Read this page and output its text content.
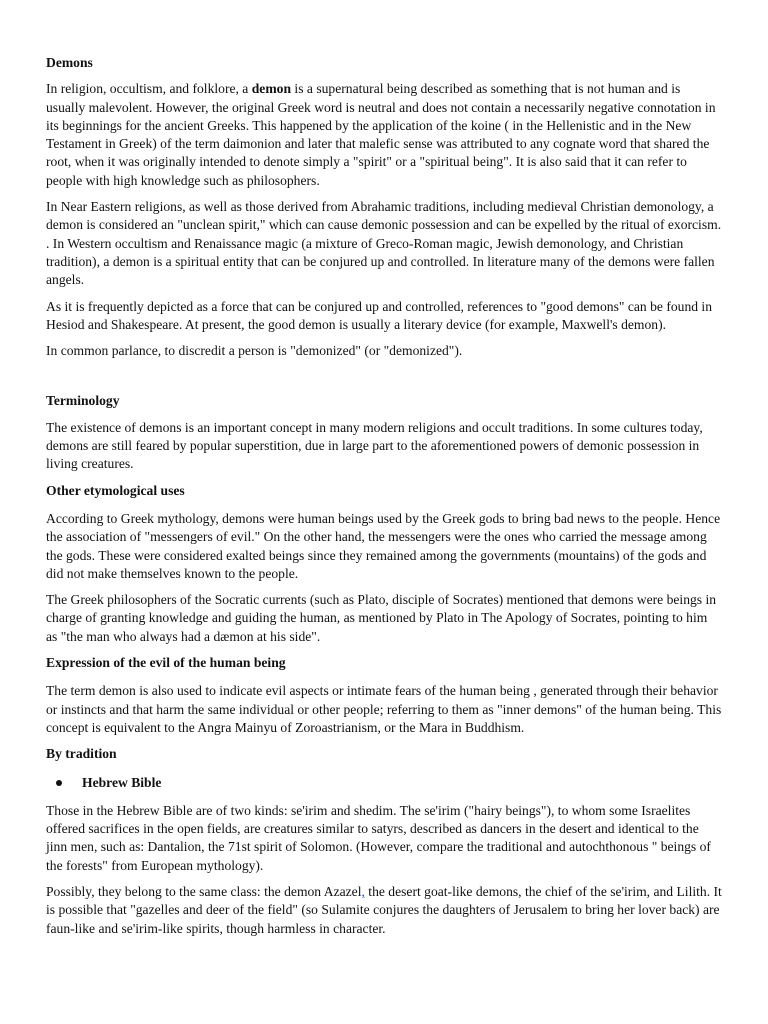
Demons

In religion, occultism, and folklore, a demon is a supernatural being described as something that is not human and is usually malevolent. However, the original Greek word is neutral and does not contain a necessarily negative connotation in its beginnings for the ancient Greeks. This happened by the application of the koine ( in the Hellenistic and in the New Testament in Greek) of the term daimonion and later that malefic sense was attributed to any cognate word that shared the root, when it was originally intended to denote simply a "spirit" or a "spiritual being". It is also said that it can refer to people with high knowledge such as philosophers.

In Near Eastern religions, as well as those derived from Abrahamic traditions, including medieval Christian demonology, a demon is considered an "unclean spirit," which can cause demonic possession and can be expelled by the ritual of exorcism. . In Western occultism and Renaissance magic (a mixture of Greco-Roman magic, Jewish demonology, and Christian tradition), a demon is a spiritual entity that can be conjured up and controlled. In literature many of the demons were fallen angels.

As it is frequently depicted as a force that can be conjured up and controlled, references to "good demons" can be found in Hesiod and Shakespeare. At present, the good demon is usually a literary device (for example, Maxwell's demon).

In common parlance, to discredit a person is "demonized" (or "demonized").

Terminology

The existence of demons is an important concept in many modern religions and occult traditions. In some cultures today, demons are still feared by popular superstition, due in large part to the aforementioned powers of demonic possession in living creatures.

Other etymological uses

According to Greek mythology, demons were human beings used by the Greek gods to bring bad news to the people. Hence the association of "messengers of evil." On the other hand, the messengers were the ones who carried the message among the gods. These were considered exalted beings since they remained among the governments (mountains) of the gods and did not make themselves known to the people.

The Greek philosophers of the Socratic currents (such as Plato, disciple of Socrates) mentioned that demons were beings in charge of granting knowledge and guiding the human, as mentioned by Plato in The Apology of Socrates, pointing to him as "the man who always had a dæmon at his side".

Expression of the evil of the human being

The term demon is also used to indicate evil aspects or intimate fears of the human being , generated through their behavior or instincts and that harm the same individual or other people; referring to them as "inner demons" of the human being. This concept is equivalent to the Angra Mainyu of Zoroastrianism, or the Mara in Buddhism.

By tradition
Hebrew Bible

Those in the Hebrew Bible are of two kinds: se'irim and shedim. The se'irim ("hairy beings"), to whom some Israelites offered sacrifices in the open fields, are creatures similar to satyrs, described as dancers in the desert and identical to the jinn men, such as: Dantalion, the 71st spirit of Solomon. (However, compare the traditional and autochthonous " beings of the forests" from European mythology).

Possibly, they belong to the same class: the demon Azazel, the desert goat-like demons, the chief of the se'irim, and Lilith. It is possible that "gazelles and deer of the field" (so Sulamite conjures the daughters of Jerusalem to bring her lover back) are faun-like and se'irim-like spirits, though harmless in character.
